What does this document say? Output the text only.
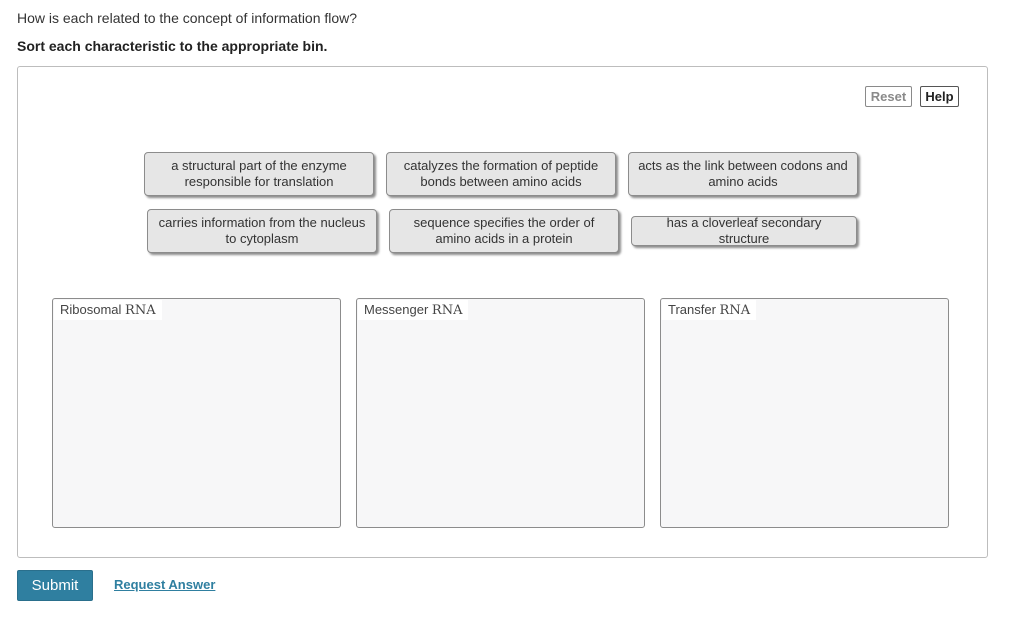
How is each related to the concept of information flow?
Sort each characteristic to the appropriate bin.
Reset	Help
a structural part of the enzyme responsible for translation
catalyzes the formation of peptide bonds between amino acids
acts as the link between codons and amino acids
carries information from the nucleus to cytoplasm
sequence specifies the order of amino acids in a protein
has a cloverleaf secondary structure
Ribosomal RNA	Messenger RNA	Transfer RNA
Submit	Request Answer
